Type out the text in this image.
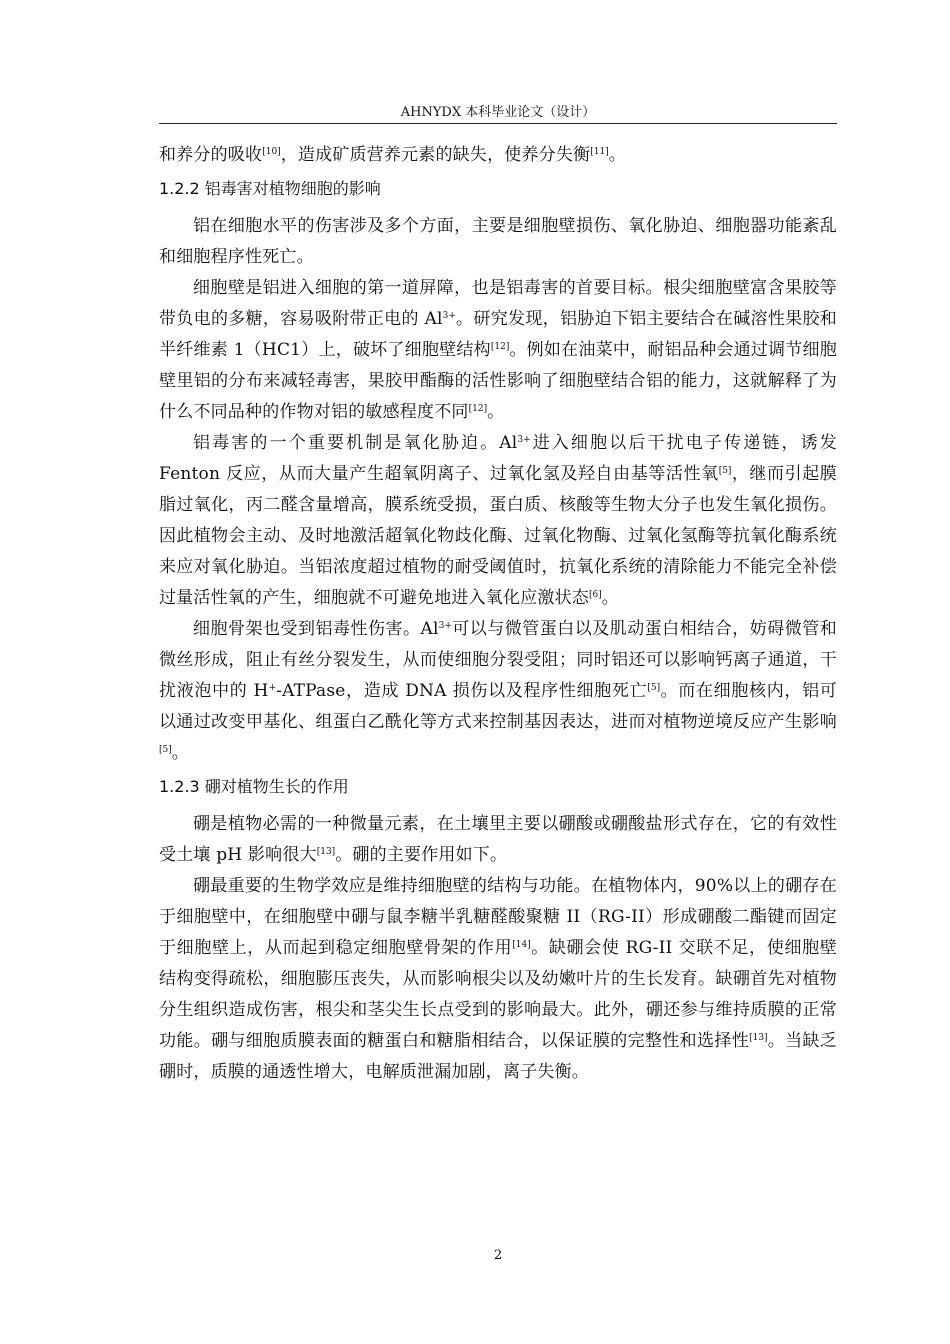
AHNYDX 本科毕业论文（设计）

和养分的吸收[10]，造成矿质营养元素的缺失，使养分失衡[11]。

1.2.2 铝毒害对植物细胞的影响

铝在细胞水平的伤害涉及多个方面，主要是细胞壁损伤、氧化胁迫、细胞器功能紊乱和细胞程序性死亡。

细胞壁是铝进入细胞的第一道屏障，也是铝毒害的首要目标。根尖细胞壁富含果胶等带负电的多糖，容易吸附带正电的 $Al^{3+}$。研究发现，铝胁迫下铝主要结合在碱溶性果胶和半纤维素 1（HC1）上，破坏了细胞壁结构[12]。例如在油菜中，耐铝品种会通过调节细胞壁里铝的分布来减轻毒害，果胶甲酯酶的活性影响了细胞壁结合铝的能力，这就解释了为什么不同品种的作物对铝的敏感程度不同[12]。

铝毒害的一个重要机制是氧化胁迫。$Al^{3+}$进入细胞以后干扰电子传递链，诱发 Fenton 反应，从而大量产生超氧阴离子、过氧化氢及羟自由基等活性氧[5]，继而引起膜脂过氧化，丙二醛含量增高，膜系统受损，蛋白质、核酸等生物大分子也发生氧化损伤。因此植物会主动、及时地激活超氧化物歧化酶、过氧化物酶、过氧化氢酶等抗氧化酶系统来应对氧化胁迫。当铝浓度超过植物的耐受阈值时，抗氧化系统的清除能力不能完全补偿过量活性氧的产生，细胞就不可避免地进入氧化应激状态[6]。

细胞骨架也受到铝毒性伤害。$Al^{3+}$可以与微管蛋白以及肌动蛋白相结合，妨碍微管和微丝形成，阻止有丝分裂发生，从而使细胞分裂受阻；同时铝还可以影响钙离子通道，干扰液泡中的 H+-ATPase，造成 DNA 损伤以及程序性细胞死亡[5]。而在细胞核内，铝可以通过改变甲基化、组蛋白乙酰化等方式来控制基因表达，进而对植物逆境反应产生影响[5]。

1.2.3 硼对植物生长的作用

硼是植物必需的一种微量元素，在土壤里主要以硼酸或硼酸盐形式存在，它的有效性受土壤 pH 影响很大[13]。硼的主要作用如下。

硼最重要的生物学效应是维持细胞壁的结构与功能。在植物体内，90%以上的硼存在于细胞壁中，在细胞壁中硼与鼠李糖半乳糖醛酸聚糖 II（RG-II）形成硼酸二酯键而固定于细胞壁上，从而起到稳定细胞壁骨架的作用[14]。缺硼会使 RG-II 交联不足，使细胞壁结构变得疏松，细胞膨压丧失，从而影响根尖以及幼嫩叶片的生长发育。缺硼首先对植物分生组织造成伤害，根尖和茎尖生长点受到的影响最大。此外，硼还参与维持质膜的正常功能。硼与细胞质膜表面的糖蛋白和糖脂相结合，以保证膜的完整性和选择性[13]。当缺乏硼时，质膜的通透性增大，电解质泄漏加剧，离子失衡。

2
